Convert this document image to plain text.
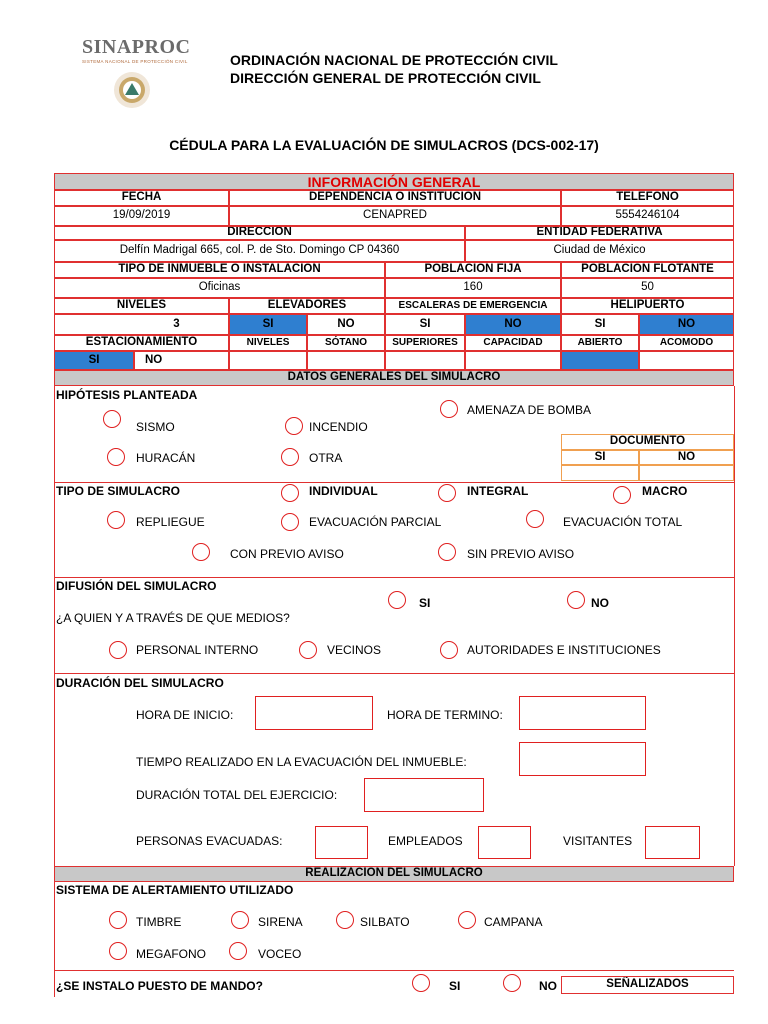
SINAPROC
SISTEMA NACIONAL DE PROTECCIÓN CIVIL	ORDINACIÓN NACIONAL DE PROTECCIÓN CIVIL
DIRECCIÓN GENERAL DE PROTECCIÓN CIVIL
CÉDULA PARA LA EVALUACIÓN DE SIMULACROS (DCS-002-17)
INFORMACIÓN GENERAL
FECHA	DEPENDENCIA O INSTITUCIÓN	TELÉFONO
19/09/2019	CENAPRED	5554246104
DIRECCION	ENTIDAD FEDERATIVA
Delfín Madrigal 665, col. P. de Sto. Domingo CP 04360	Ciudad de México
TIPO DE INMUEBLE O INSTALACIÓN	POBLACIÓN FIJA	POBLACIÓN FLOTANTE
Oficinas	160	50
NIVELES	ELEVADORES	ESCALERAS DE EMERGENCIA	HELIPUERTO
3	SI	NO	SI	NO	SI	NO
ESTACIONAMIENTO	NIVELES	SÓTANO	SUPERIORES	CAPACIDAD	ABIERTO	ACOMODO
SI	NO
DATOS GENERALES DEL SIMULACRO
HIPÓTESIS PLANTEADA
SISMO	INCENDIO
AMENAZA DE BOMBA
HURACÁN	OTRA
DOCUMENTO
SI	NO
TIPO DE SIMULACRO	INDIVIDUAL	INTEGRAL	MACRO
REPLIEGUE	EVACUACIÓN PARCIAL	EVACUACIÓN TOTAL
CON PREVIO AVISO	SIN PREVIO AVISO
DIFUSIÓN DEL SIMULACRO
SI	NO
¿A QUIEN Y A TRAVÉS DE QUE MEDIOS?
PERSONAL INTERNO	VECINOS	AUTORIDADES E INSTITUCIONES
DURACIÓN DEL SIMULACRO
HORA DE INICIO:	HORA DE TERMINO:
TIEMPO REALIZADO EN LA EVACUACIÓN DEL INMUEBLE:
DURACIÓN TOTAL DEL EJERCICIO:
PERSONAS EVACUADAS:	EMPLEADOS	VISITANTES
REALIZACIÓN DEL SIMULACRO
SISTEMA DE ALERTAMIENTO UTILIZADO
TIMBRE	SIRENA	SILBATO	CAMPANA
MEGAFONO	VOCEO
¿SE INSTALO PUESTO DE MANDO?	SI	NO	SEÑALIZADOS
